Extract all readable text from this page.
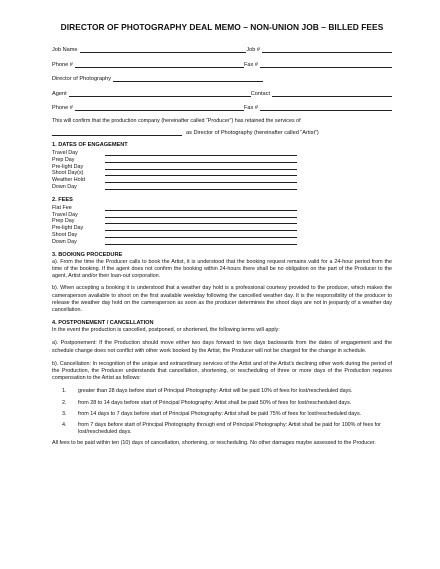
DIRECTOR OF PHOTOGRAPHY DEAL MEMO – NON-UNION JOB – BILLED FEES
Job Name	Job #
Phone #	Fax #
Director of Photography
Agent	Contact
Phone #	Fax #

This will confirm that the production company (hereinafter called “Producer”) has retained the services of

as Director of Photography (hereinafter called “Artist”)

1. DATES OF ENGAGEMENT

Travel Day
Prep Day
Pre-light Day
Shoot Day(s)
Weather Hold
Down Day

2. FEES

Flat Fee
Travel Day
Prep Day
Pre-light Day
Shoot Day
Down Day

3. BOOKING PROCEDURE

a). From the time the Producer calls to book the Artist, it is understood that the booking request remains valid for a 24-hour period from the time of the booking. If the agent does not confirm the booking within 24-hours there shall be no obligation on the part of the Producer to the agent, Artist and/or their loan-out corporation.

b). When accepting a booking it is understood that a weather day hold is a professional courtesy provided to the producer, which makes the cameraperson available to shoot on the first available weekday following the cancelled weather day. It is the responsibility of the producer to release the weather day hold on the cameraperson as soon as the producer determines the shoot days are not in jeopardy of a weather day cancellation.

4. POSTPONEMENT / CANCELLATION

In the event the production is cancelled, postponed, or shortened, the following terms will apply:

a). Postponement: If the Production should move either two days forward to two days backwards from the dates of engagement and the schedule change does not conflict with other work booked by the Artist, the Producer will not be charged for the change in schedule.

b). Cancellation: In recognition of the unique and extraordinary services of the Artist and of the Artist’s declining other work during the period of the Production, the Producer understands that cancellation, shortening, or rescheduling of three or more days of the Production requires compensation to the Artist as follows:

1.	greater than 28 days before start of Principal Photography: Artist will be paid 10% of fees for lost/rescheduled days.
2.	from 28 to 14 days before start of Principal Photography: Artist shall be paid 50% of fees for lost/rescheduled days.
3.	from 14 days to 7 days before start of Principal Photography: Artist shall be paid 75% of fees for lost/rescheduled days.
4.	from 7 days before start of Principal Photography through end of Principal Photography: Artist shall be paid for 100% of fees for lost/rescheduled days.

All fees to be paid within ten (10) days of cancellation, shortening, or rescheduling. No other damages maybe assessed to the Producer.
